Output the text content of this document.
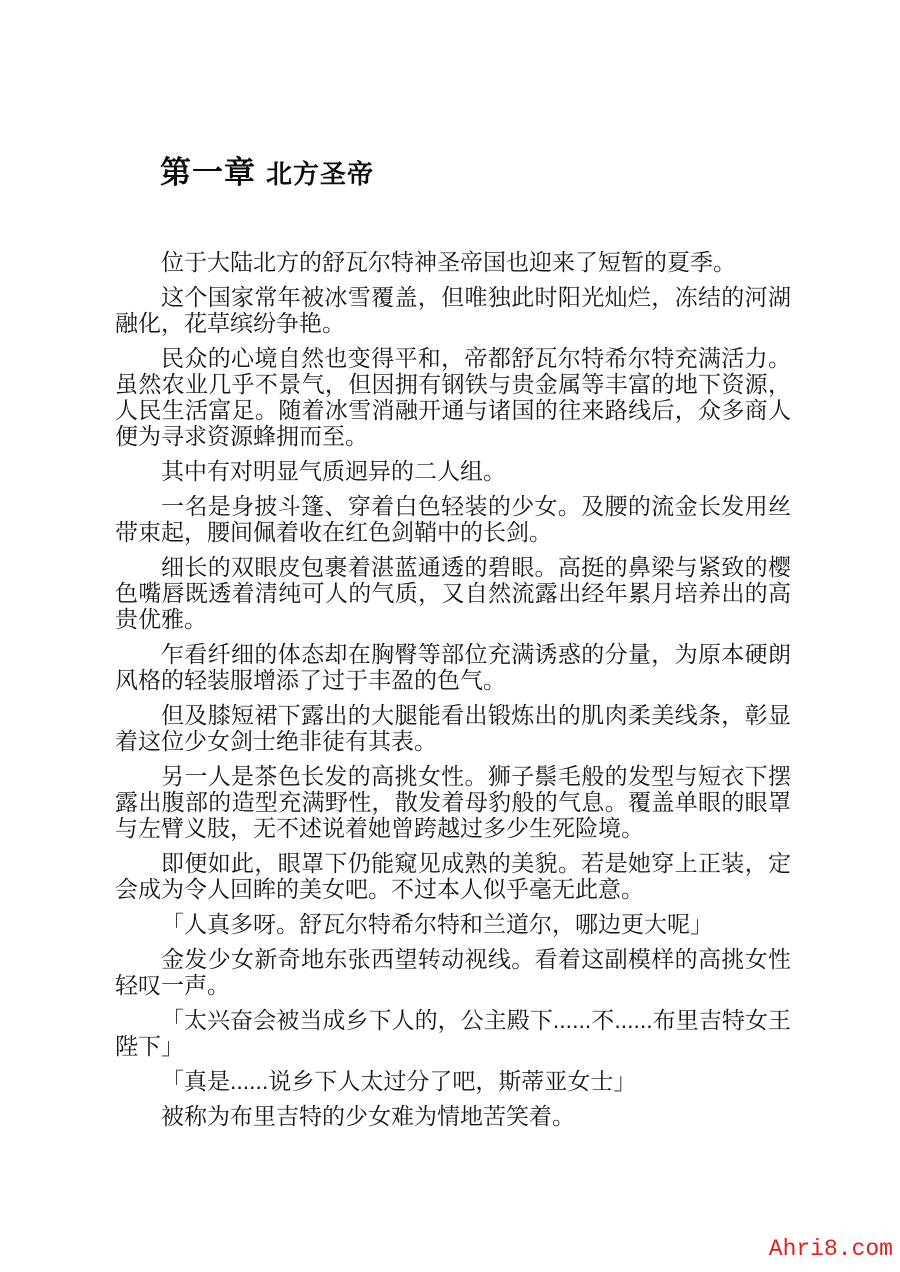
第一章 北方圣帝

位于大陆北方的舒瓦尔特神圣帝国也迎来了短暂的夏季。

这个国家常年被冰雪覆盖，但唯独此时阳光灿烂，冻结的河湖融化，花草缤纷争艳。

民众的心境自然也变得平和，帝都舒瓦尔特希尔特充满活力。虽然农业几乎不景气，但因拥有钢铁与贵金属等丰富的地下资源，人民生活富足。随着冰雪消融开通与诸国的往来路线后，众多商人便为寻求资源蜂拥而至。

其中有对明显气质迥异的二人组。

一名是身披斗篷、穿着白色轻装的少女。及腰的流金长发用丝带束起，腰间佩着收在红色剑鞘中的长剑。

细长的双眼皮包裹着湛蓝通透的碧眼。高挺的鼻梁与紧致的樱色嘴唇既透着清纯可人的气质，又自然流露出经年累月培养出的高贵优雅。

乍看纤细的体态却在胸臀等部位充满诱惑的分量，为原本硬朗风格的轻装服增添了过于丰盈的色气。

但及膝短裙下露出的大腿能看出锻炼出的肌肉柔美线条，彰显着这位少女剑士绝非徒有其表。

另一人是茶色长发的高挑女性。狮子鬃毛般的发型与短衣下摆露出腹部的造型充满野性，散发着母豹般的气息。覆盖单眼的眼罩与左臂义肢，无不述说着她曾跨越过多少生死险境。

即便如此，眼罩下仍能窥见成熟的美貌。若是她穿上正装，定会成为令人回眸的美女吧。不过本人似乎毫无此意。

「人真多呀。舒瓦尔特希尔特和兰道尔，哪边更大呢」

金发少女新奇地东张西望转动视线。看着这副模样的高挑女性轻叹一声。

「太兴奋会被当成乡下人的，公主殿下......不......布里吉特女王陛下」

「真是......说乡下人太过分了吧，斯蒂亚女士」

被称为布里吉特的少女难为情地苦笑着。

Ahri8.com
